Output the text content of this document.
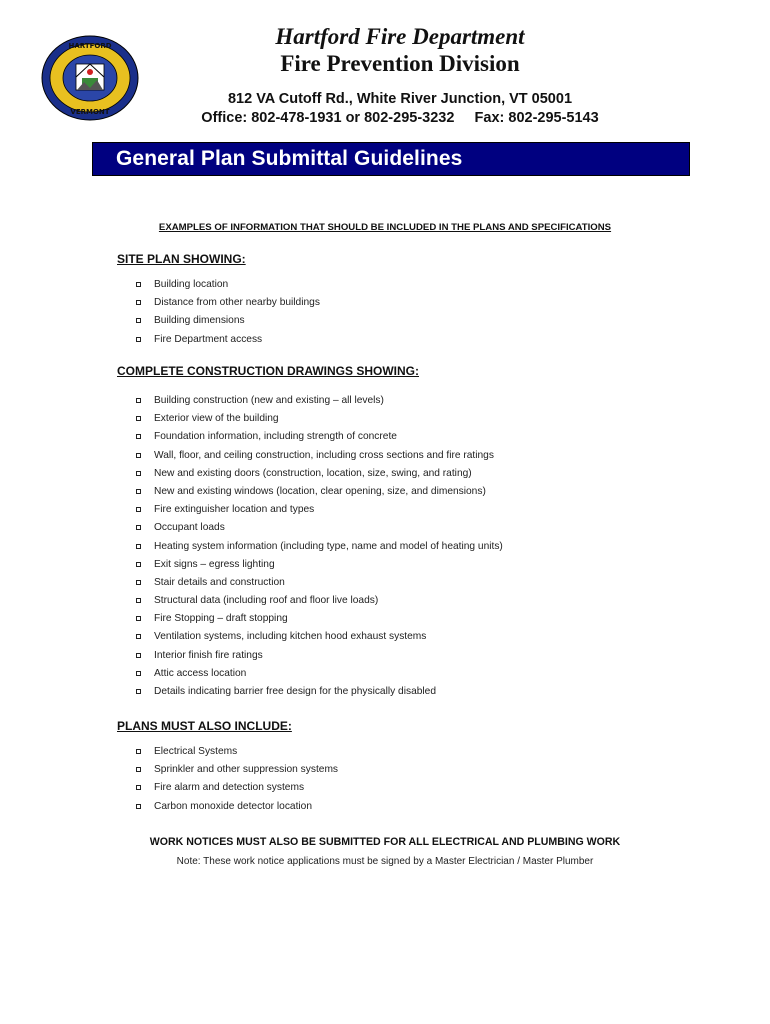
HARTFORD
VERMONT
Hartford Fire Department
Fire Prevention Division
812 VA Cutoff Rd., White River Junction, VT 05001
Office: 802-478-1931 or 802-295-3232     Fax: 802-295-5143
General Plan Submittal Guidelines
EXAMPLES OF INFORMATION THAT SHOULD BE INCLUDED IN THE PLANS AND SPECIFICATIONS
SITE PLAN SHOWING:
Building location
Distance from other nearby buildings
Building dimensions
Fire Department access
COMPLETE CONSTRUCTION DRAWINGS SHOWING:
Building construction (new and existing – all levels)
Exterior view of the building
Foundation information, including strength of concrete
Wall, floor, and ceiling construction, including cross sections and fire ratings
New and existing doors (construction, location, size, swing, and rating)
New and existing windows (location, clear opening, size, and dimensions)
Fire extinguisher location and types
Occupant loads
Heating system information (including type, name and model of heating units)
Exit signs – egress lighting
Stair details and construction
Structural data (including roof and floor live loads)
Fire Stopping – draft stopping
Ventilation systems, including kitchen hood exhaust systems
Interior finish fire ratings
Attic access location
Details indicating barrier free design for the physically disabled
PLANS MUST ALSO INCLUDE:
Electrical Systems
Sprinkler and other suppression systems
Fire alarm and detection systems
Carbon monoxide detector location
WORK NOTICES MUST ALSO BE SUBMITTED FOR ALL ELECTRICAL AND PLUMBING WORK
Note: These work notice applications must be signed by a Master Electrician / Master Plumber
